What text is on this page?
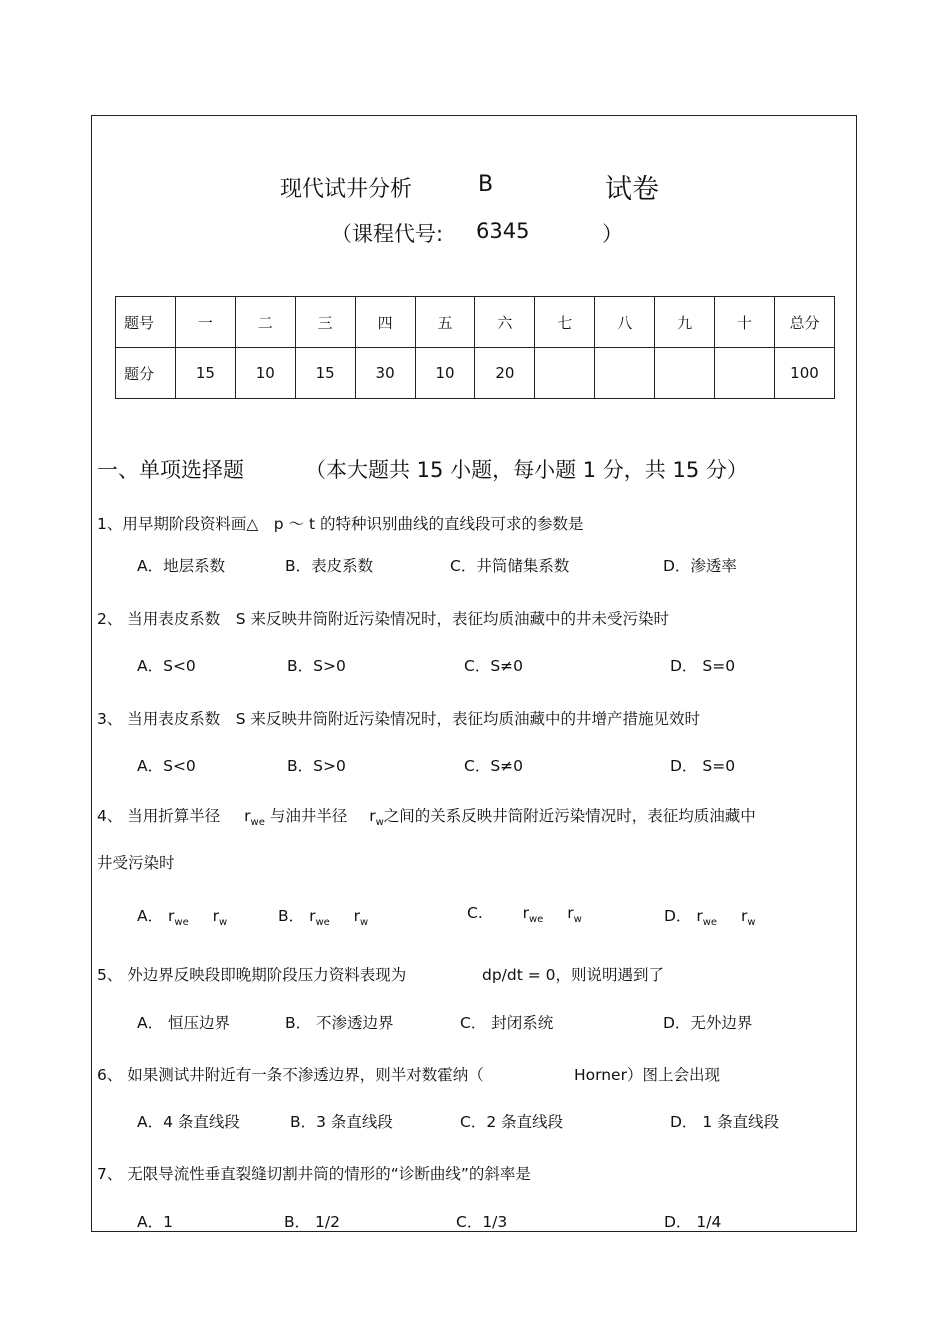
现代试井分析	B	试卷
（课程代号: 6345	）
题号	一	二	三	四	五	六	七	八	九	十	总分
题分	15	10	15	30	10	20					100
一、单项选择题	（本大题共 15 小题，每小题 1 分，共 15 分）
1、用早期阶段资料画△　p ～ t 的特种识别曲线的直线段可求的参数是
A．地层系数	B．表皮系数	C．井筒储集系数	D．渗透率
2、 当用表皮系数　S 来反映井筒附近污染情况时，表征均质油藏中的井未受污染时
A．S<0	B．S>0	C．S≠0	D． S=0
3、 当用表皮系数　S 来反映井筒附近污染情况时，表征均质油藏中的井增产措施见效时
A．S<0	B．S>0	C．S≠0	D． S=0
4、 当用折算半径 $r_{we}$ 与油井半径 $r_w$之间的关系反映井筒附近污染情况时，表征均质油藏中
井受污染时
A． $r_{we}$ $r_w$	B． $r_{we}$ $r_w$
C.	$r_{we}$ $r_w$	D． $r_{we}$ $r_w$
5、 外边界反映段即晚期阶段压力资料表现为	dp/dt = 0，则说明遇到了
A． 恒压边界	B． 不渗透边界	C． 封闭系统	D．无外边界
6、 如果测试井附近有一条不渗透边界，则半对数霍纳（	Horner）图上会出现
A．4 条直线段	B．3 条直线段	C．2 条直线段	D． 1 条直线段
7、 无限导流性垂直裂缝切割井筒的情形的“诊断曲线”的斜率是
A．1	B． 1/2	C．1/3	D． 1/4
